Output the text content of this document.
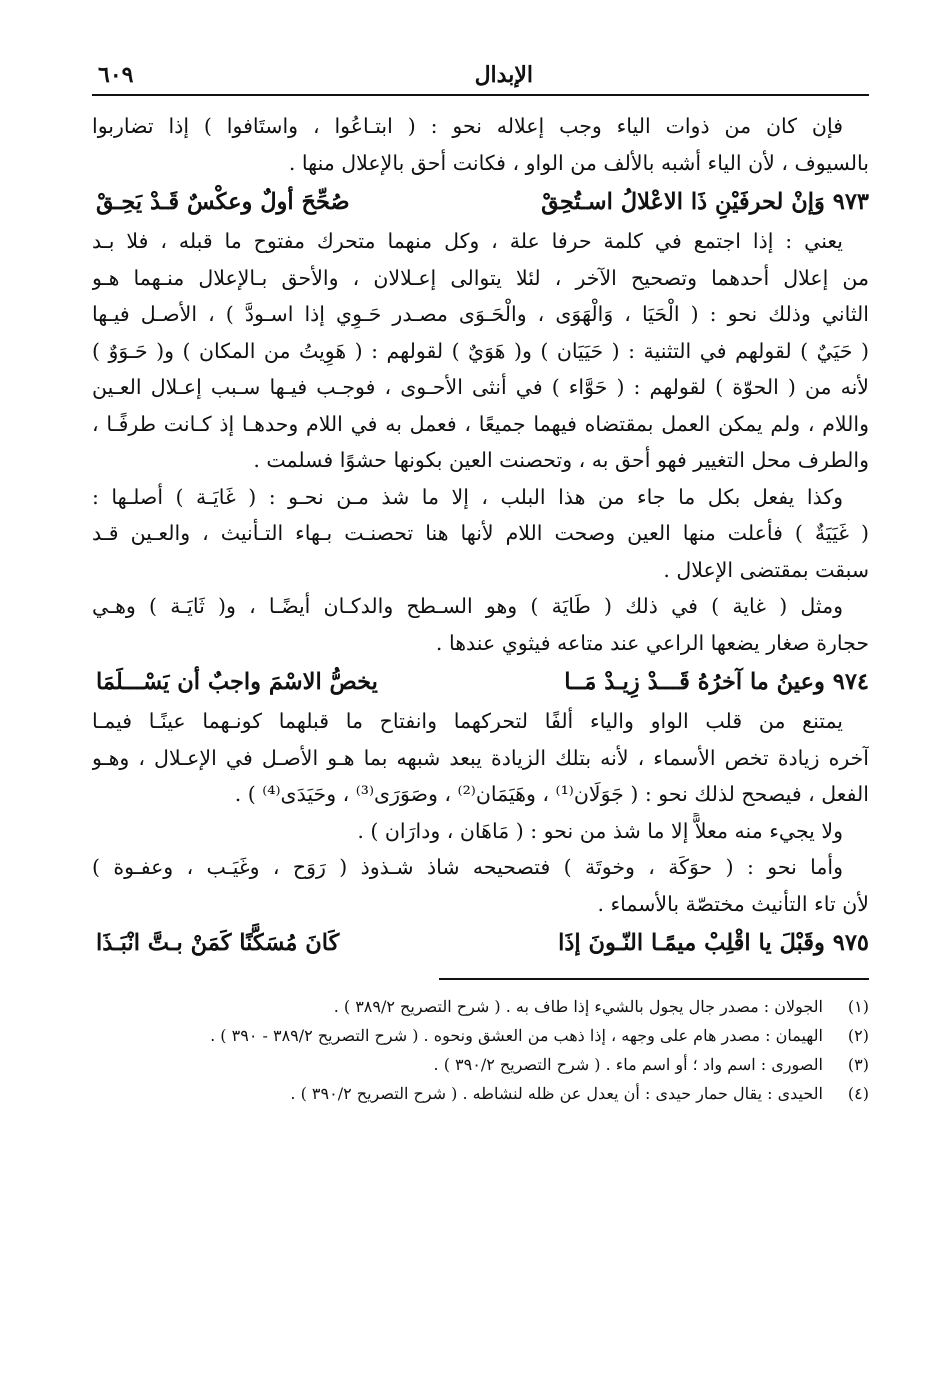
الإبدال
٦٠٩

فإن كان من ذوات الياء وجب إعلاله نحو : ( ابتـاعُوا ، واستَافوا ) إذا تضاربوا

بالسيوف ، لأن الياء أشبه بالألف من الواو ، فكانت أحق بالإعلال منها .

٩٧٣ وَإنْ لحرفَيْنِ ذَا الاعْلالُ اسـتُحِقْ
صُحِّحَ أولٌ وعكْسٌ قَـدْ يَحِـقْ

يعني : إذا اجتمع في كلمة حرفا علة ، وكل منهما متحرك مفتوح ما قبله ، فلا بـد

من إعلال أحدهما وتصحيح الآخر ، لئلا يتوالى إعـلالان ، والأحق بـالإعلال منـهما هـو

الثاني وذلك نحو : ( الْحَيَا ، وَالْهَوَى ، والْحَـوَى مصـدر حَـوِي إذا اسـودَّ ) ، الأصـل فيـها

( حَيَيٌ ) لقولهم في التثنية : ( حَيَيَان ) و( هَوَيٌ ) لقولهم : ( هَوِيتُ من المكان ) و( حَـوَوٌ )

لأنه من ( الحوّة ) لقولهم : ( حَوَّاء ) في أنثى الأحـوى ، فوجـب فيـها سـبب إعـلال العـين

واللام ، ولم يمكن العمل بمقتضاه فيهما جميعًا ، فعمل به في اللام وحدهـا إذ كـانت طرفًـا ،

والطرف محل التغيير فهو أحق به ، وتحصنت العين بكونها حشوًا فسلمت .

وكذا يفعل بكل ما جاء من هذا البلب ، إلا ما شذ مـن نحـو : ( غَايَـة ) أصلـها :

( غَيَيَةٌ ) فأعلت منها العين وصحت اللام لأنها هنا تحصنـت بـهاء التـأنيث ، والعـين قـد

سبقت بمقتضى الإعلال .

ومثل ( غاية ) في ذلك ( طَايَة ) وهو السـطح والدكـان أيضًـا ، و( ثَايَـة ) وهـي

حجارة صغار يضعها الراعي عند متاعه فيثوي عندها .

٩٧٤ وعينُ ما آخرُهُ قَـــدْ زِيـدْ مَــا
يخصُّ الاسْمَ واجبٌ أن يَسْـــلَمَا

يمتنع من قلب الواو والياء ألفًا لتحركهما وانفتاح ما قبلهما كونـهما عينًـا فيمـا

آخره زيادة تخص الأسماء ، لأنه بتلك الزيادة يبعد شبهه بما هـو الأصـل في الإعـلال ، وهـو

الفعل ، فيصحح لذلك نحو : ( جَوَلَان⁽¹⁾ ، وهَيَمَان⁽²⁾ ، وصَوَرَى⁽³⁾ ، وحَيَدَى⁽⁴⁾ ) .

ولا يجيء منه معلاًّ إلا ما شذ من نحو : ( مَاهَان ، ودارَان ) .

وأما نحو : ( حوَكَة ، وخوتَة ) فتصحيحه شاذ شـذوذ ( رَوَح ، وغَيَـب ، وعفـوة )

لأن تاء التأنيث مختصّة بالأسماء .

٩٧٥ وقَبْلَ يا اقْلِبْ ميمًـا النّـونَ إذَا
كَانَ مُسَكَّنًا كَمَنْ بـتَّ انْبَـذَا
(١)
الجولان : مصدر جال يجول بالشيء إذا طاف به . ( شرح التصريح ٣٨٩/٢ ) .
(٢)
الهيمان : مصدر هام على وجهه ، إذا ذهب من العشق ونحوه . ( شرح التصريح ٣٨٩/٢ - ٣٩٠ ) .
(٣)
الصورى : اسم واد ؛ أو اسم ماء . ( شرح التصريح ٣٩٠/٢ ) .
(٤)
الحيدى : يقال حمار حيدى : أن يعدل عن ظله لنشاطه . ( شرح التصريح ٣٩٠/٢ ) .
